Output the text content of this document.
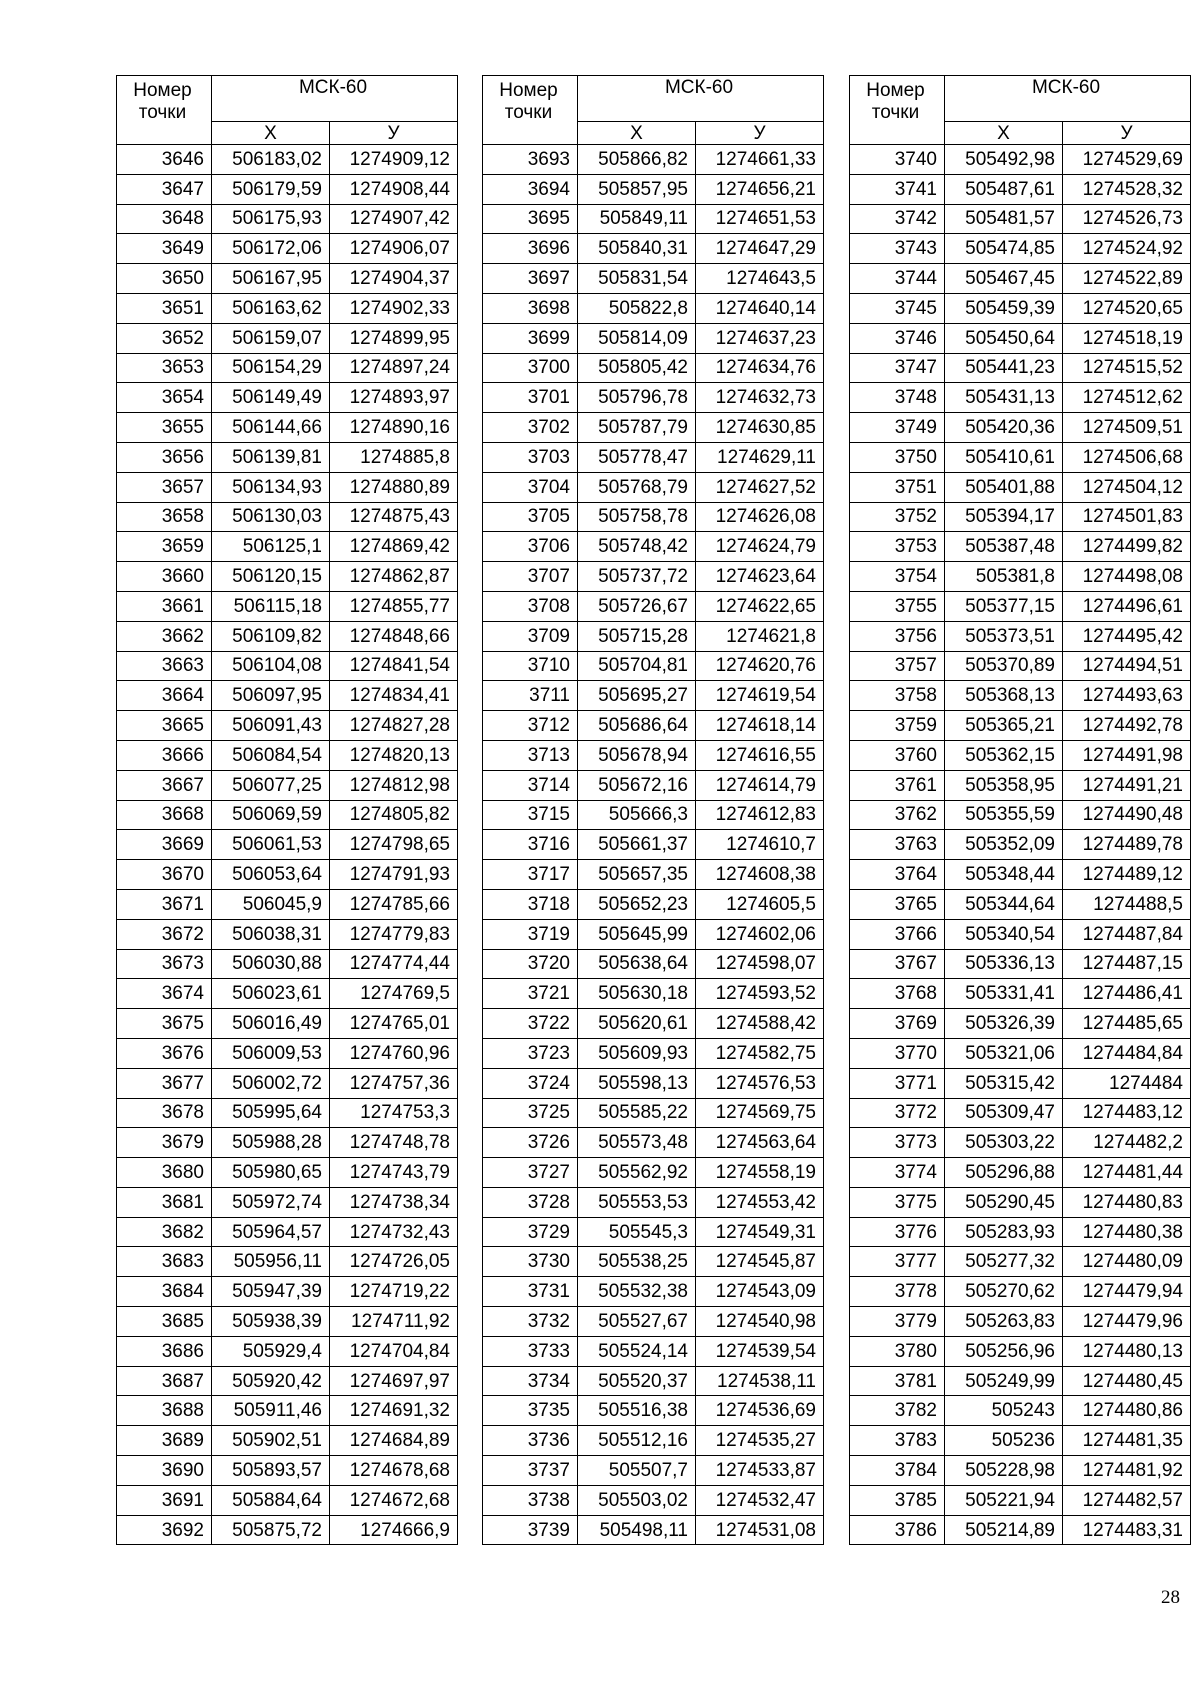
Номер точки	МСК-60	
	Х	У
3646	506183,02	1274909,12
3647	506179,59	1274908,44
3648	506175,93	1274907,42
3649	506172,06	1274906,07
3650	506167,95	1274904,37
3651	506163,62	1274902,33
3652	506159,07	1274899,95
3653	506154,29	1274897,24
3654	506149,49	1274893,97
3655	506144,66	1274890,16
3656	506139,81	1274885,8
3657	506134,93	1274880,89
3658	506130,03	1274875,43
3659	506125,1	1274869,42
3660	506120,15	1274862,87
3661	506115,18	1274855,77
3662	506109,82	1274848,66
3663	506104,08	1274841,54
3664	506097,95	1274834,41
3665	506091,43	1274827,28
3666	506084,54	1274820,13
3667	506077,25	1274812,98
3668	506069,59	1274805,82
3669	506061,53	1274798,65
3670	506053,64	1274791,93
3671	506045,9	1274785,66
3672	506038,31	1274779,83
3673	506030,88	1274774,44
3674	506023,61	1274769,5
3675	506016,49	1274765,01
3676	506009,53	1274760,96
3677	506002,72	1274757,36
3678	505995,64	1274753,3
3679	505988,28	1274748,78
3680	505980,65	1274743,79
3681	505972,74	1274738,34
3682	505964,57	1274732,43
3683	505956,11	1274726,05
3684	505947,39	1274719,22
3685	505938,39	1274711,92
3686	505929,4	1274704,84
3687	505920,42	1274697,97
3688	505911,46	1274691,32
3689	505902,51	1274684,89
3690	505893,57	1274678,68
3691	505884,64	1274672,68
3692	505875,72	1274666,9
Номер точки	МСК-60	
	Х	У
3693	505866,82	1274661,33
3694	505857,95	1274656,21
3695	505849,11	1274651,53
3696	505840,31	1274647,29
3697	505831,54	1274643,5
3698	505822,8	1274640,14
3699	505814,09	1274637,23
3700	505805,42	1274634,76
3701	505796,78	1274632,73
3702	505787,79	1274630,85
3703	505778,47	1274629,11
3704	505768,79	1274627,52
3705	505758,78	1274626,08
3706	505748,42	1274624,79
3707	505737,72	1274623,64
3708	505726,67	1274622,65
3709	505715,28	1274621,8
3710	505704,81	1274620,76
3711	505695,27	1274619,54
3712	505686,64	1274618,14
3713	505678,94	1274616,55
3714	505672,16	1274614,79
3715	505666,3	1274612,83
3716	505661,37	1274610,7
3717	505657,35	1274608,38
3718	505652,23	1274605,5
3719	505645,99	1274602,06
3720	505638,64	1274598,07
3721	505630,18	1274593,52
3722	505620,61	1274588,42
3723	505609,93	1274582,75
3724	505598,13	1274576,53
3725	505585,22	1274569,75
3726	505573,48	1274563,64
3727	505562,92	1274558,19
3728	505553,53	1274553,42
3729	505545,3	1274549,31
3730	505538,25	1274545,87
3731	505532,38	1274543,09
3732	505527,67	1274540,98
3733	505524,14	1274539,54
3734	505520,37	1274538,11
3735	505516,38	1274536,69
3736	505512,16	1274535,27
3737	505507,7	1274533,87
3738	505503,02	1274532,47
3739	505498,11	1274531,08
Номер точки	МСК-60	
	Х	У
3740	505492,98	1274529,69
3741	505487,61	1274528,32
3742	505481,57	1274526,73
3743	505474,85	1274524,92
3744	505467,45	1274522,89
3745	505459,39	1274520,65
3746	505450,64	1274518,19
3747	505441,23	1274515,52
3748	505431,13	1274512,62
3749	505420,36	1274509,51
3750	505410,61	1274506,68
3751	505401,88	1274504,12
3752	505394,17	1274501,83
3753	505387,48	1274499,82
3754	505381,8	1274498,08
3755	505377,15	1274496,61
3756	505373,51	1274495,42
3757	505370,89	1274494,51
3758	505368,13	1274493,63
3759	505365,21	1274492,78
3760	505362,15	1274491,98
3761	505358,95	1274491,21
3762	505355,59	1274490,48
3763	505352,09	1274489,78
3764	505348,44	1274489,12
3765	505344,64	1274488,5
3766	505340,54	1274487,84
3767	505336,13	1274487,15
3768	505331,41	1274486,41
3769	505326,39	1274485,65
3770	505321,06	1274484,84
3771	505315,42	1274484
3772	505309,47	1274483,12
3773	505303,22	1274482,2
3774	505296,88	1274481,44
3775	505290,45	1274480,83
3776	505283,93	1274480,38
3777	505277,32	1274480,09
3778	505270,62	1274479,94
3779	505263,83	1274479,96
3780	505256,96	1274480,13
3781	505249,99	1274480,45
3782	505243	1274480,86
3783	505236	1274481,35
3784	505228,98	1274481,92
3785	505221,94	1274482,57
3786	505214,89	1274483,31
28
